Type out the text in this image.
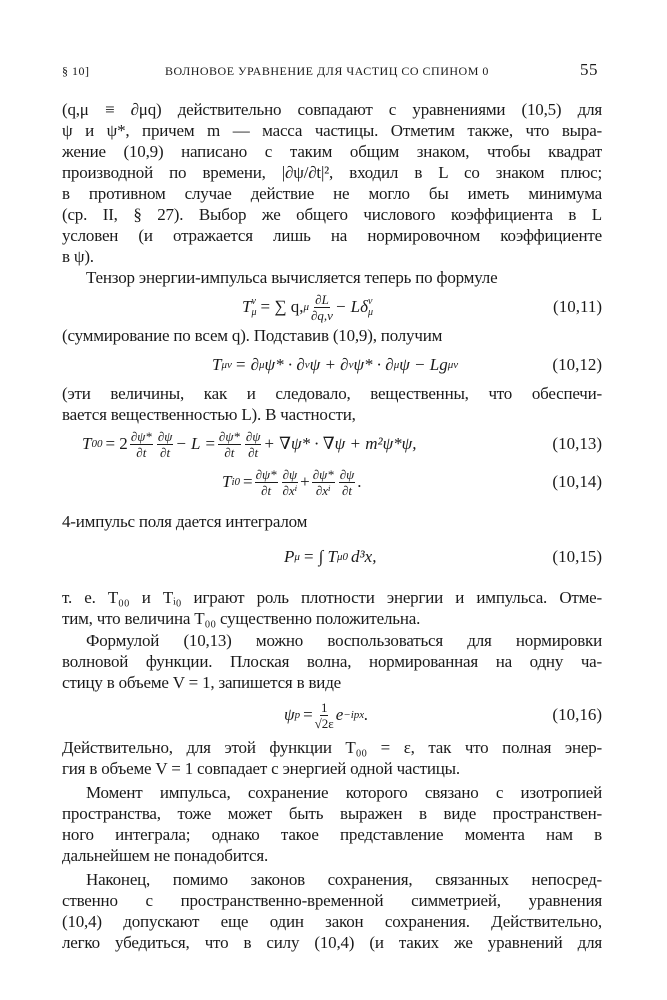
§ 10]	ВОЛНОВОЕ УРАВНЕНИЕ ДЛЯ ЧАСТИЦ СО СПИНОМ 0	55
(q,μ ≡ ∂μq) действительно совпадают с уравнениями (10,5) для
ψ и ψ*, причем m — масса частицы. Отметим также, что выра-
жение (10,9) написано с таким общим знаком, чтобы квадрат
производной по времени, |∂ψ/∂t|², входил в L со знаком плюс;
в противном случае действие не могло бы иметь минимума
(ср. II, § 27). Выбор же общего числового коэффициента в L
условен (и отражается лишь на нормировочном коэффициенте
в ψ).
Тензор энергии-импульса вычисляется теперь по формуле
T ν
μ = ∑ q, μ
∂L
∂q,ν − Lδ ν
μ	(10,11)
(суммирование по всем q). Подставив (10,9), получим
T μν = ∂ μ ψ* · ∂ ν ψ + ∂ ν ψ* · ∂ μ ψ − Lg μν	(10,12)
(эти величины, как и следовало, вещественны, что обеспечи-
вается вещественностью L). В частности,
T 00 = 2 ∂ψ*
∂t
∂ψ
$\partial t - L = \frac{\partial\psi*}{\partial t} \partial\psi$
∂t + ∇ψ* · ∇ψ + m²ψ*ψ,	(10,13)
T $i0 = \frac{\partial\psi*}{\partial t} \partial\psi$
$\partial x^i + \frac{\partial\psi*}{\text{∂xⁱ}} \partial\psi$
∂t .	(10,14)
4-импульс поля дается интегралом
P μ = ∫ T μ0 d³x,	(10,15)
т. е. T₀₀ и Tᵢ₀ играют роль плотности энергии и импульса. Отме-
тим, что величина T₀₀ существенно положительна.
Формулой (10,13) можно воспользоваться для нормировки
волновой функции. Плоская волна, нормированная на одну ча-
стицу в объеме V = 1, запишется в виде
ψ $p = \frac{1}{√2\varepsilon}$ e −ipx .	(10,16)
Действительно, для этой функции T₀₀ = ε, так что полная энер-
гия в объеме V = 1 совпадает с энергией одной частицы.
Момент импульса, сохранение которого связано с изотропией
пространства, тоже может быть выражен в виде пространствен-
ного интеграла; однако такое представление момента нам в
дальнейшем не понадобится.
Наконец, помимо законов сохранения, связанных непосред-
ственно с пространственно-временной симметрией, уравнения
(10,4) допускают еще один закон сохранения. Действительно,
легко убедиться, что в силу (10,4) (и таких же уравнений для
